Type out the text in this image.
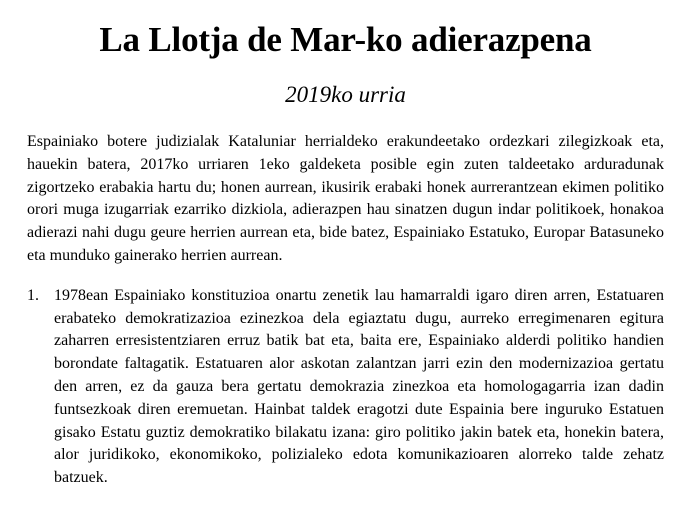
La Llotja de Mar-ko adierazpena

2019ko urria

Espainiako botere judizialak Kataluniar herrialdeko erakundeetako ordezkari zilegizkoak eta, hauekin batera, 2017ko urriaren 1eko galdeketa posible egin zuten taldeetako arduradunak zigortzeko erabakia hartu du; honen aurrean, ikusirik erabaki honek aurrerantzean ekimen politiko orori muga izugarriak ezarriko dizkiola, adierazpen hau sinatzen dugun indar politikoek, honakoa adierazi nahi dugu geure herrien aurrean eta, bide batez, Espainiako Estatuko, Europar Batasuneko eta munduko gainerako herrien aurrean.

1. 1978ean Espainiako konstituzioa onartu zenetik lau hamarraldi igaro diren arren, Estatuaren erabateko demokratizazioa ezinezkoa dela egiaztatu dugu, aurreko erregimenaren egitura zaharren erresistentziaren erruz batik bat eta, baita ere, Espainiako alderdi politiko handien borondate faltagatik. Estatuaren alor askotan zalantzan jarri ezin den modernizazioa gertatu den arren, ez da gauza bera gertatu demokrazia zinezkoa eta homologagarria izan dadin funtsezkoak diren eremuetan. Hainbat taldek eragotzi dute Espainia bere inguruko Estatuen gisako Estatu guztiz demokratiko bilakatu izana: giro politiko jakin batek eta, honekin batera, alor juridikoko, ekonomikoko, polizialeko edota komunikazioaren alorreko talde zehatz batzuek.
